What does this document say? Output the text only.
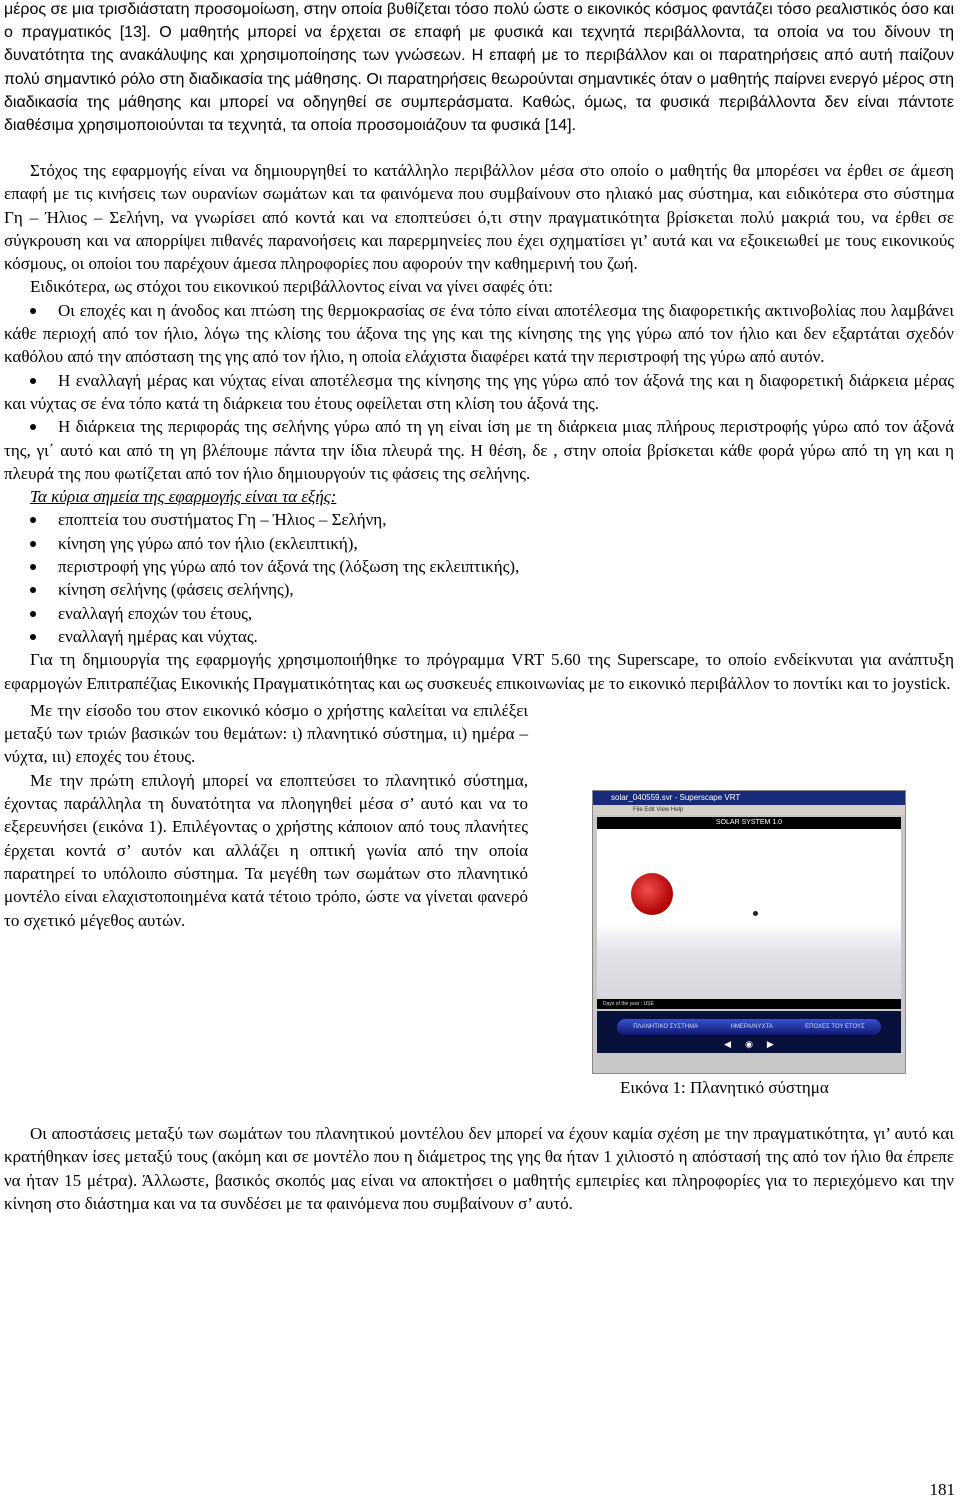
μέρος σε μια τρισδιάστατη προσομοίωση, στην οποία βυθίζεται τόσο πολύ ώστε ο εικονικός κόσμος φαντάζει τόσο ρεαλιστικός όσο και ο πραγματικός [13]. Ο μαθητής μπορεί να έρχεται σε επαφή με φυσικά και τεχνητά περιβάλλοντα, τα οποία να του δίνουν τη δυνατότητα της ανακάλυψης και χρησιμοποίησης των γνώσεων. Η επαφή με το περιβάλλον και οι παρατηρήσεις από αυτή παίζουν πολύ σημαντικό ρόλο στη διαδικασία της μάθησης. Οι παρατηρήσεις θεωρούνται σημαντικές όταν ο μαθητής παίρνει ενεργό μέρος στη διαδικασία της μάθησης και μπορεί να οδηγηθεί σε συμπεράσματα. Καθώς, όμως, τα φυσικά περιβάλλοντα δεν είναι πάντοτε διαθέσιμα χρησιμοποιούνται τα τεχνητά, τα οποία προσομοιάζουν τα φυσικά [14].

Στόχος της εφαρμογής είναι να δημιουργηθεί το κατάλληλο περιβάλλον μέσα στο οποίο ο μαθητής θα μπορέσει να έρθει σε άμεση επαφή με τις κινήσεις των ουρανίων σωμάτων και τα φαινόμενα που συμβαίνουν στο ηλιακό μας σύστημα, και ειδικότερα στο σύστημα Γη – Ήλιος – Σελήνη, να γνωρίσει από κοντά και να εποπτεύσει ό,τι στην πραγματικότητα βρίσκεται πολύ μακριά του, να έρθει σε σύγκρουση και να απορρίψει πιθανές παρανοήσεις και παρερμηνείες που έχει σχηματίσει γι’ αυτά και να εξοικειωθεί με τους εικονικούς κόσμους, οι οποίοι του παρέχουν άμεσα πληροφορίες που αφορούν την καθημερινή του ζωή.

Ειδικότερα, ως στόχοι του εικονικού περιβάλλοντος είναι να γίνει σαφές ότι:

Οι εποχές και η άνοδος και πτώση της θερμοκρασίας σε ένα τόπο είναι αποτέλεσμα της διαφορετικής ακτινοβολίας που λαμβάνει κάθε περιοχή από τον ήλιο, λόγω της κλίσης του άξονα της γης και της κίνησης της γης γύρω από τον ήλιο και δεν εξαρτάται σχεδόν καθόλου από την απόσταση της γης από τον ήλιο, η οποία ελάχιστα διαφέρει κατά την περιστροφή της γύρω από αυτόν.

Η εναλλαγή μέρας και νύχτας είναι αποτέλεσμα της κίνησης της γης γύρω από τον άξονά της και η διαφορετική διάρκεια μέρας και νύχτας σε ένα τόπο κατά τη διάρκεια του έτους οφείλεται στη κλίση του άξονά της.

Η διάρκεια της περιφοράς της σελήνης γύρω από τη γη είναι ίση με τη διάρκεια μιας πλήρους περιστροφής γύρω από τον άξονά της, γι΄ αυτό και από τη γη βλέπουμε πάντα την ίδια πλευρά της. Η θέση, δε , στην οποία βρίσκεται κάθε φορά γύρω από τη γη και η πλευρά της που φωτίζεται από τον ήλιο δημιουργούν τις φάσεις της σελήνης.

Τα κύρια σημεία της εφαρμογής είναι τα εξής:

εποπτεία του συστήματος Γη – Ήλιος – Σελήνη,

κίνηση γης γύρω από τον ήλιο (εκλειπτική),

περιστροφή γης γύρω από τον άξονά της (λόξωση της εκλειπτικής),

κίνηση σελήνης (φάσεις σελήνης),

εναλλαγή εποχών του έτους,

εναλλαγή ημέρας και νύχτας.

Για τη δημιουργία της εφαρμογής χρησιμοποιήθηκε το πρόγραμμα VRT 5.60 της Superscape, το οποίο ενδείκνυται για ανάπτυξη εφαρμογών Επιτραπέζιας Εικονικής Πραγματικότητας και ως συσκευές επικοινωνίας με το εικονικό περιβάλλον το ποντίκι και το joystick.

Με την είσοδο του στον εικονικό κόσμο ο χρήστης καλείται να επιλέξει μεταξύ των τριών βασικών του θεμάτων: ι) πλανητικό σύστημα, ιι) ημέρα – νύχτα, ιιι) εποχές του έτους.

Με την πρώτη επιλογή μπορεί να εποπτεύσει το πλανητικό σύστημα, έχοντας παράλληλα τη δυνατότητα να πλοηγηθεί μέσα σ’ αυτό και να το εξερευνήσει (εικόνα 1). Επιλέγοντας ο χρήστης κάποιον από τους πλανήτες έρχεται κοντά σ’ αυτόν και αλλάζει η οπτική γωνία από την οποία παρατηρεί το υπόλοιπο σύστημα. Τα μεγέθη των σωμάτων στο πλανητικό μοντέλο είναι ελαχιστοποιημένα κατά τέτοιο τρόπο, ώστε να γίνεται φανερό το σχετικό μέγεθος αυτών.

Οι αποστάσεις μεταξύ των σωμάτων του πλανητικού μοντέλου δεν μπορεί να έχουν καμία σχέση με την πραγματικότητα, γι’ αυτό και κρατήθηκαν ίσες μεταξύ τους (ακόμη και σε μοντέλο που η διάμετρος της γης θα ήταν 1 χιλιοστό η απόστασή της από τον ήλιο θα έπρεπε να ήταν 15 μέτρα). Άλλωστε, βασικός σκοπός μας είναι να αποκτήσει ο μαθητής εμπειρίες και πληροφορίες για το περιεχόμενο και την κίνηση στο διάστημα και να τα συνδέσει με τα φαινόμενα που συμβαίνουν σ’ αυτό.

solar_040559.svr - Superscape VRT
File Edit View Help
SOLAR SYSTEM 1.0
Days of the year : USE
ΠΛΑΝΗΤΙΚΟ ΣΥΣΤΗΜΑ	ΗΜΕΡΑ/ΝΥΧΤΑ	ΕΠΟΧΕΣ ΤΟΥ ΕΤΟΥΣ
◀ ◉ ▶
Εικόνα 1: Πλανητικό σύστημα
181
